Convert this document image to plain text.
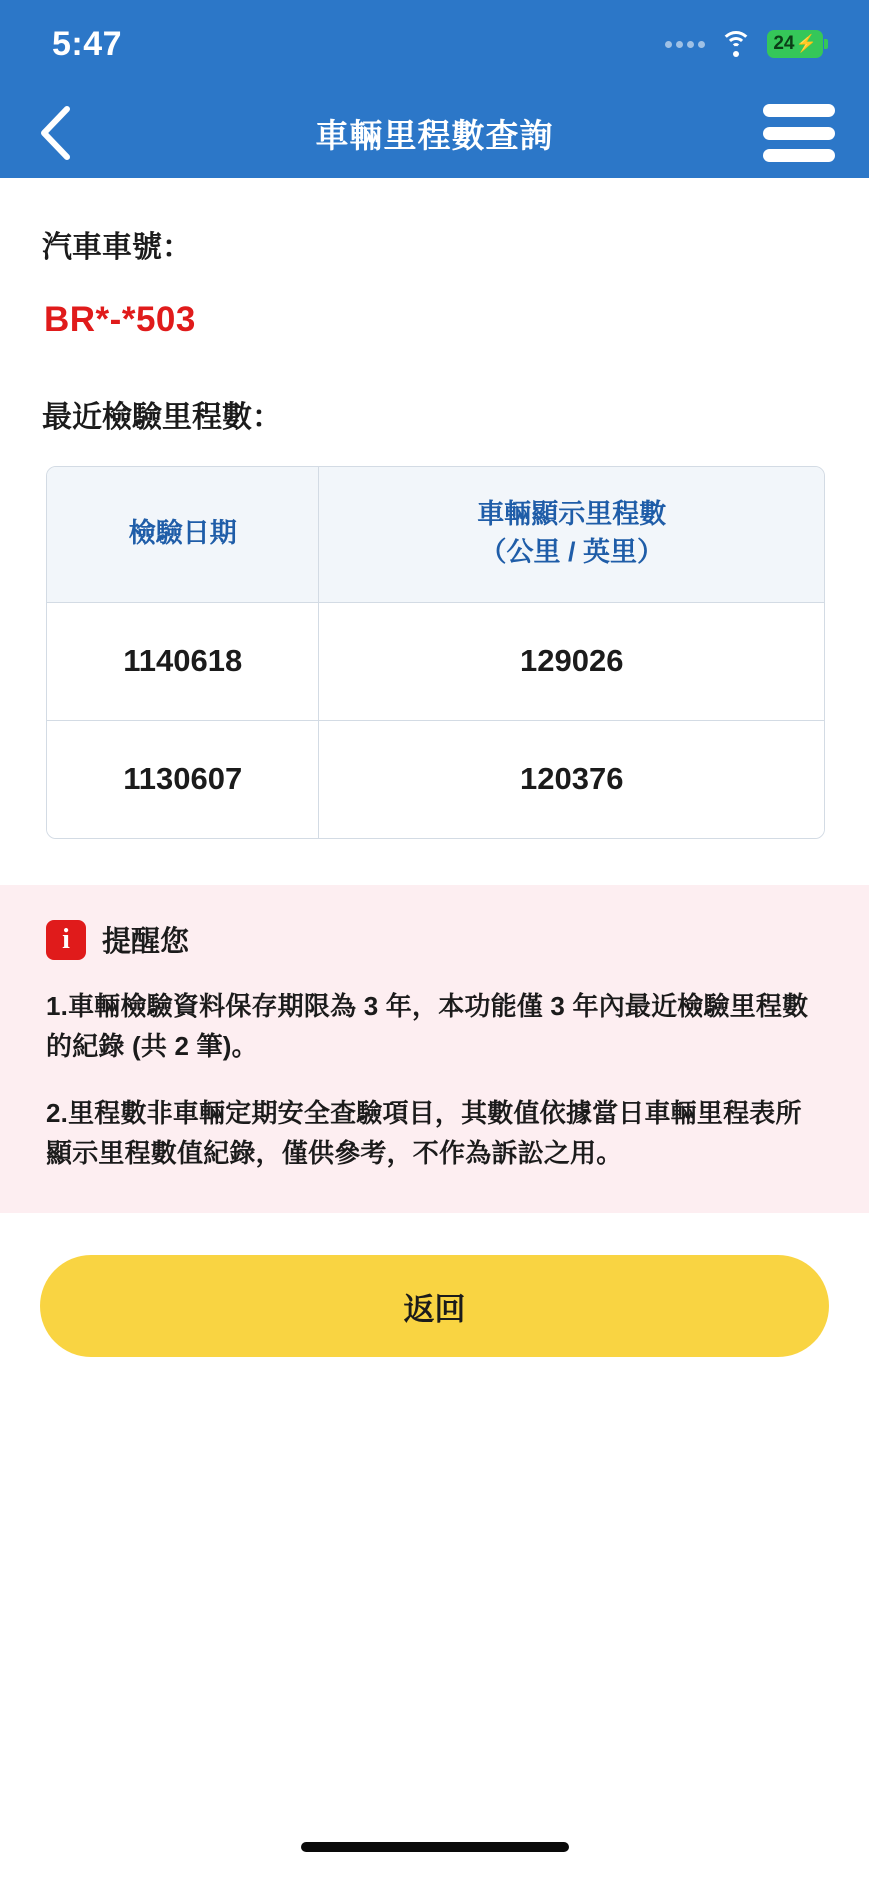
5:47	24 ⚡
車輛里程數查詢
汽車車號：
BR*-*503
最近檢驗里程數：
檢驗日期	車輛顯示里程數
（公里 / 英里）

1140618	129026
1130607	120376
i	提醒您

1.車輛檢驗資料保存期限為 3 年，本功能僅 3 年內最近檢驗里程數的紀錄 (共 2 筆)。

2.里程數非車輛定期安全查驗項目，其數值依據當日車輛里程表所顯示里程數值紀錄，僅供參考，不作為訴訟之用。

返回
